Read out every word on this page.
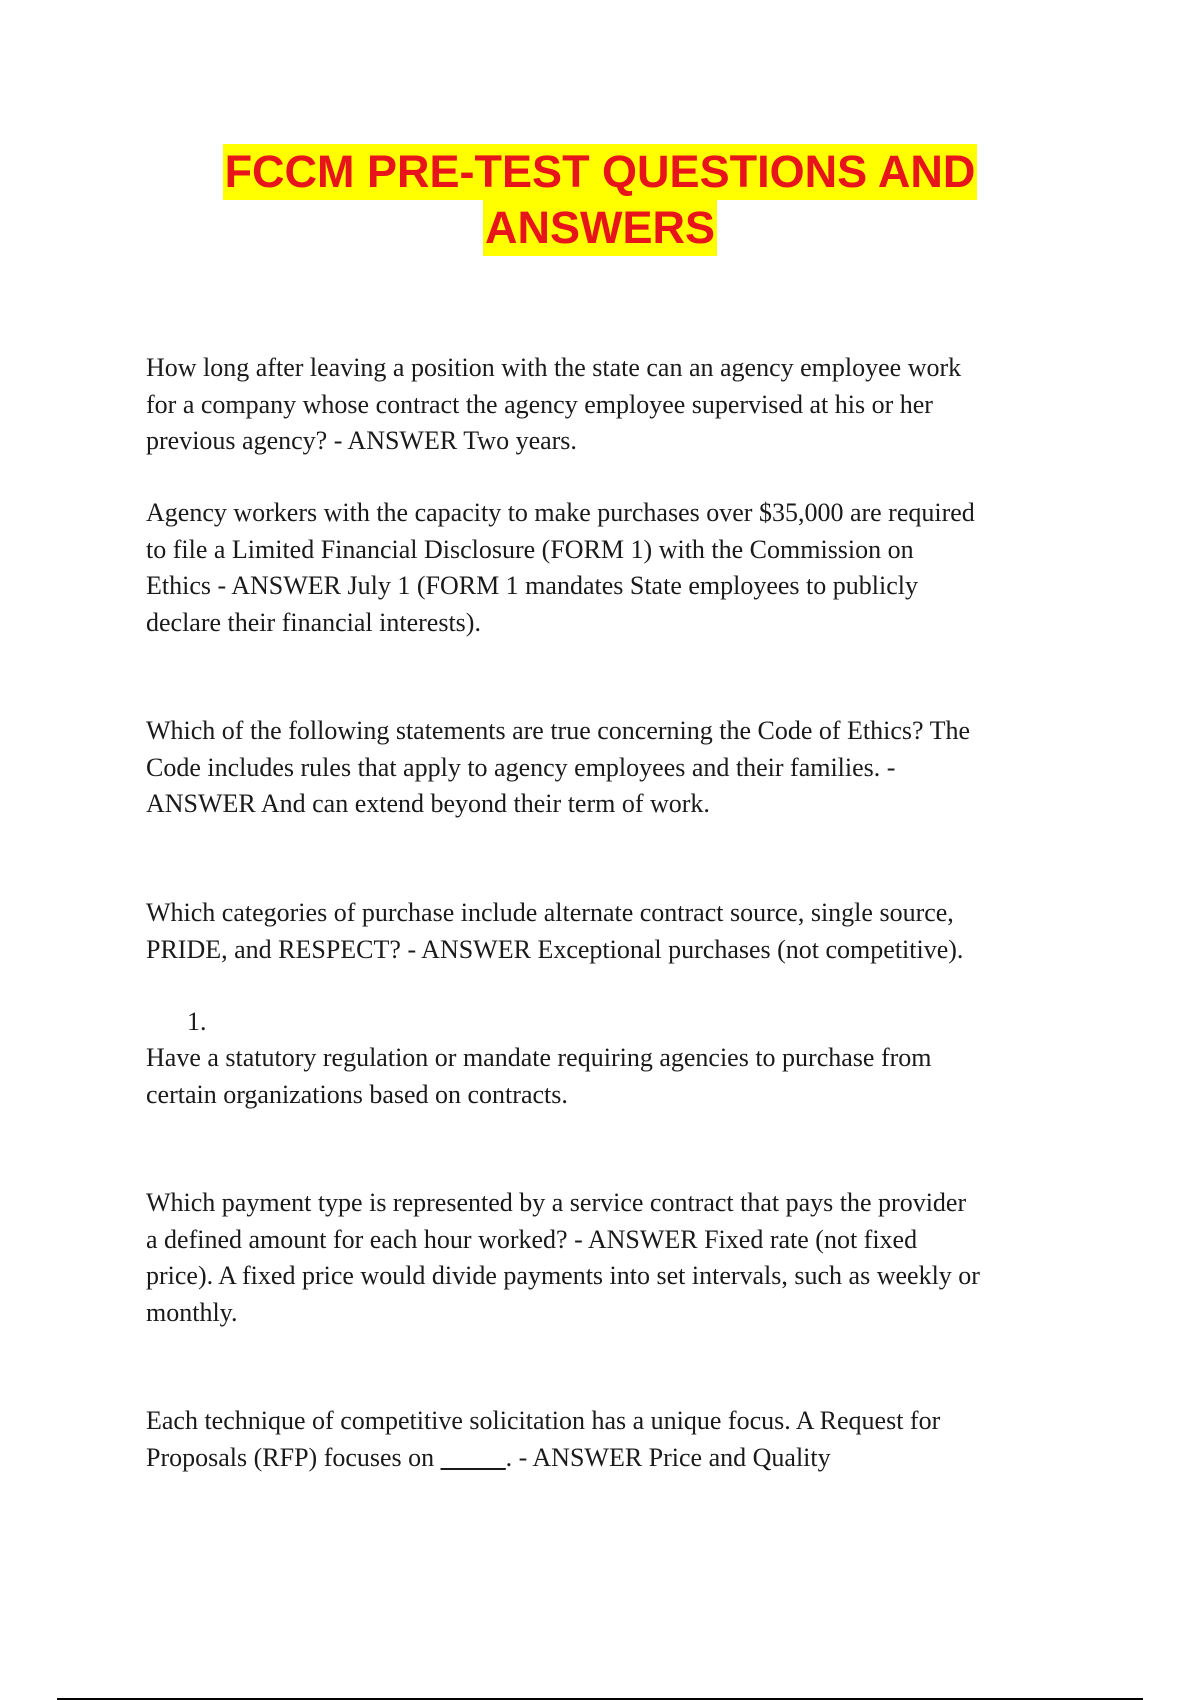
FCCM PRE-TEST QUESTIONS AND
ANSWERS
How long after leaving a position with the state can an agency employee work
for a company whose contract the agency employee supervised at his or her
previous agency? - ANSWER Two years.
Agency workers with the capacity to make purchases over $35,000 are required
to file a Limited Financial Disclosure (FORM 1) with the Commission on
Ethics - ANSWER July 1 (FORM 1 mandates State employees to publicly
declare their financial interests).
Which of the following statements are true concerning the Code of Ethics? The
Code includes rules that apply to agency employees and their families. -
ANSWER And can extend beyond their term of work.
Which categories of purchase include alternate contract source, single source,
PRIDE, and RESPECT? - ANSWER Exceptional purchases (not competitive).
1.
Have a statutory regulation or mandate requiring agencies to purchase from
certain organizations based on contracts.
Which payment type is represented by a service contract that pays the provider
a defined amount for each hour worked? - ANSWER Fixed rate (not fixed
price). A fixed price would divide payments into set intervals, such as weekly or
monthly.
Each technique of competitive solicitation has a unique focus. A Request for
Proposals (RFP) focuses on _____. - ANSWER Price and Quality
